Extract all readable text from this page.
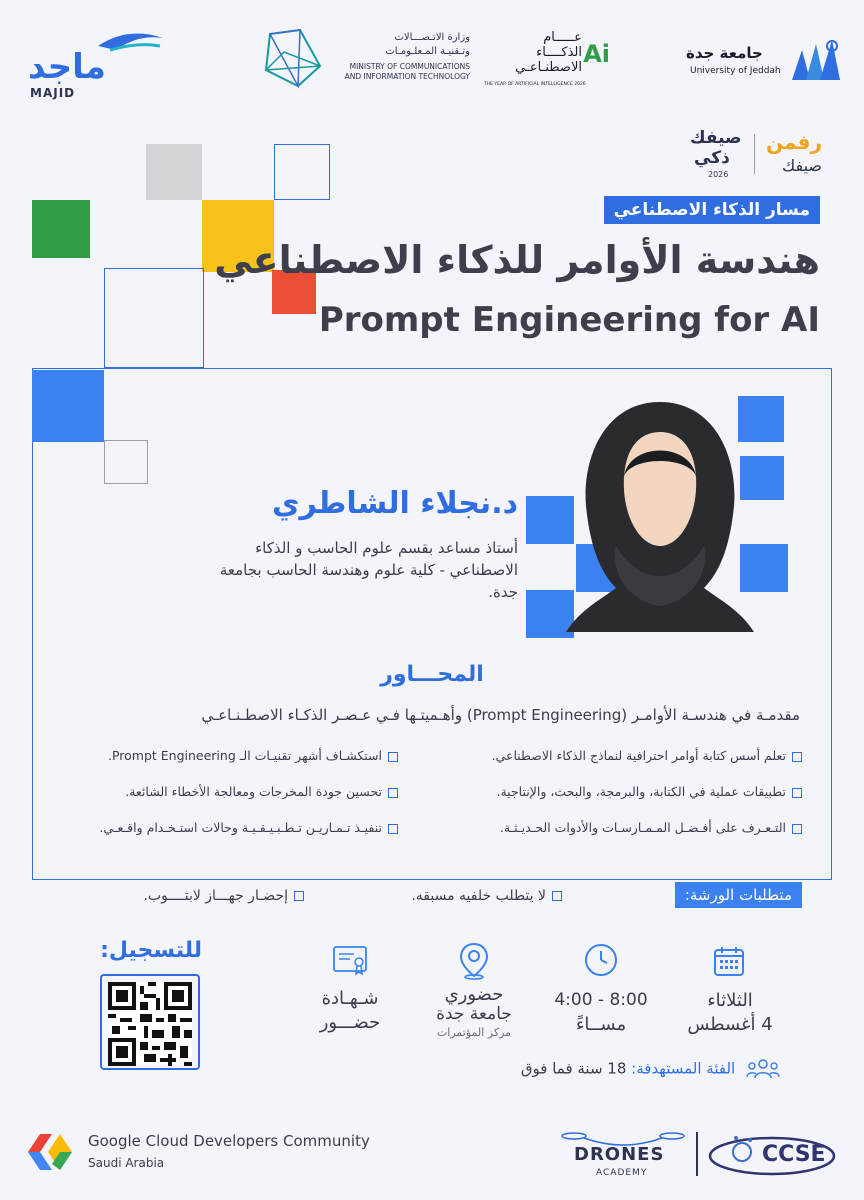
ماجد
MAJID
وزارة الاتـصـــالات
وتـقنيـة المـعلـومـات
MINISTRY OF COMMUNICATIONS
AND INFORMATION TECHNOLOGY
عـــــام
الذكــــاء
الاصطنـاعـي Ai
THE YEAR OF ARTIFICIAL INTELLIGENCE 2026
جامعة جدة
University of Jeddah
رفمن
صيفك
صيفك
ذكي
2026
مسار الذكاء الاصطناعي
هندسة الأوامر للذكاء الاصطناعي
Prompt Engineering for AI
د.نجلاء الشاطري
أستاذ مساعد بقسم علوم الحاسب و الذكاء الاصطناعي - كلية علوم وهندسة الحاسب بجامعة جدة.
المحـــاور
مقدمـة في هندسـة الأوامـر (Prompt Engineering) وأهـميتـها فـي عـصـر الذكـاء الاصطـنـاعـي
تعلم أسس كتابة أوامر احترافية لنماذج الذكاء الاصطناعي.
تطبيقات عملية في الكتابة، والبرمجة، والبحث، والإنتاجية.
التـعـرف على أفـضـل المـمـارسـات والأدوات الحـديـثـة.
استكشـاف أشهر تقنيـات الـ Prompt Engineering.
تحسين جودة المخرجات ومعالجة الأخطاء الشائعة.
تنفيـذ تـمـاريـن تـطـبـيـقـيـة وحالات استـخـدام واقـعـي.
متطلبات الورشة:
لا يتطلب خلفيه مسبقه.
إحضـار جهـــاز لابتــــوب.
للتسجيل:
الثلاثاء
4 أغسطس
4:00 - 8:00
مســاءً
حضوري
جامعة جدة
مركز المؤتمرات
شـهـادة
حضـــور
الفئة المستهدفة: 18 سنة فما فوق
Google Cloud Developers Community
Saudi Arabia	DRONES
ACADEMY
CCSE
